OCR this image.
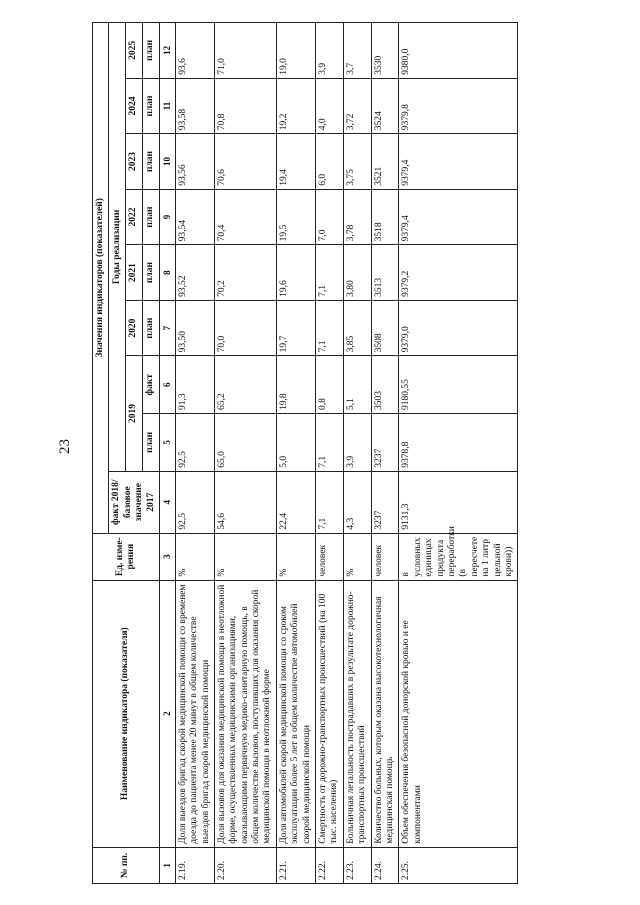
23
№ пп.	Наименование индикатора (показателя)	Ед. изме-рения	Значения индикаторов (показателей)								
			факт 2018/ базовое значение 2017	Годы реализации							
				2019		2020	2021	2022	2023	2024	2025
				план	факт	план	план	план	план	план	план
1	2	3	4	5	6	7	8	9	10	11	12
2.19.	Доля выездов бригад скорой медицинской помощи со временем доезда до пациента менее 20 минут в общем количестве выездов бригад скорой медицинской помощи	%	92,5	92,5	91,3	93,50	93,52	93,54	93,56	93,58	93,6
2.20.	Доля вызовов для оказания медицинской помощи в неотложной форме, осуществленных медицинскими организациями, оказывающими первичную медико-санитарную помощь, в общем количестве вызовов, поступивших для оказания скорой медицинской помощи в неотложной форме	%	54,6	65,0	65,2	70,0	70,2	70,4	70,6	70,8	71,0
2.21.	Доля автомобилей скорой медицинской помощи со сроком эксплуатации более 5 лет в общем количестве автомобилей скорой медицинской помощи	%	22,4	5,0	19,8	19,7	19,6	19,5	19,4	19,2	19,0
2.22.	Смертность от дорожно-транспортных происшествий (на 100 тыс. населения)	человек	7,1	7,1	0,8	7,1	7,1	7,0	6,0	4,0	3,9
2.23.	Больничная летальность пострадавших в результате дорожно-транспортных происшествий	%	4,3	3,9	5,1	3,85	3,80	3,78	3,75	3,72	3,7
2.24.	Количество больных, которым оказана высокотехнологичная медицинская помощь	человек	3237	3237	3503	3508	3513	3518	3521	3524	3530
2.25.	Объем обеспечения безопасной донорской кровью и ее компонентами	в условных единицах продукта переработки (в пересчете на 1 литр цельной крови))	9131,3	9378,8	9180,55	9379,0	9379,2	9379,4	9379,4	9379,8	9380,0
